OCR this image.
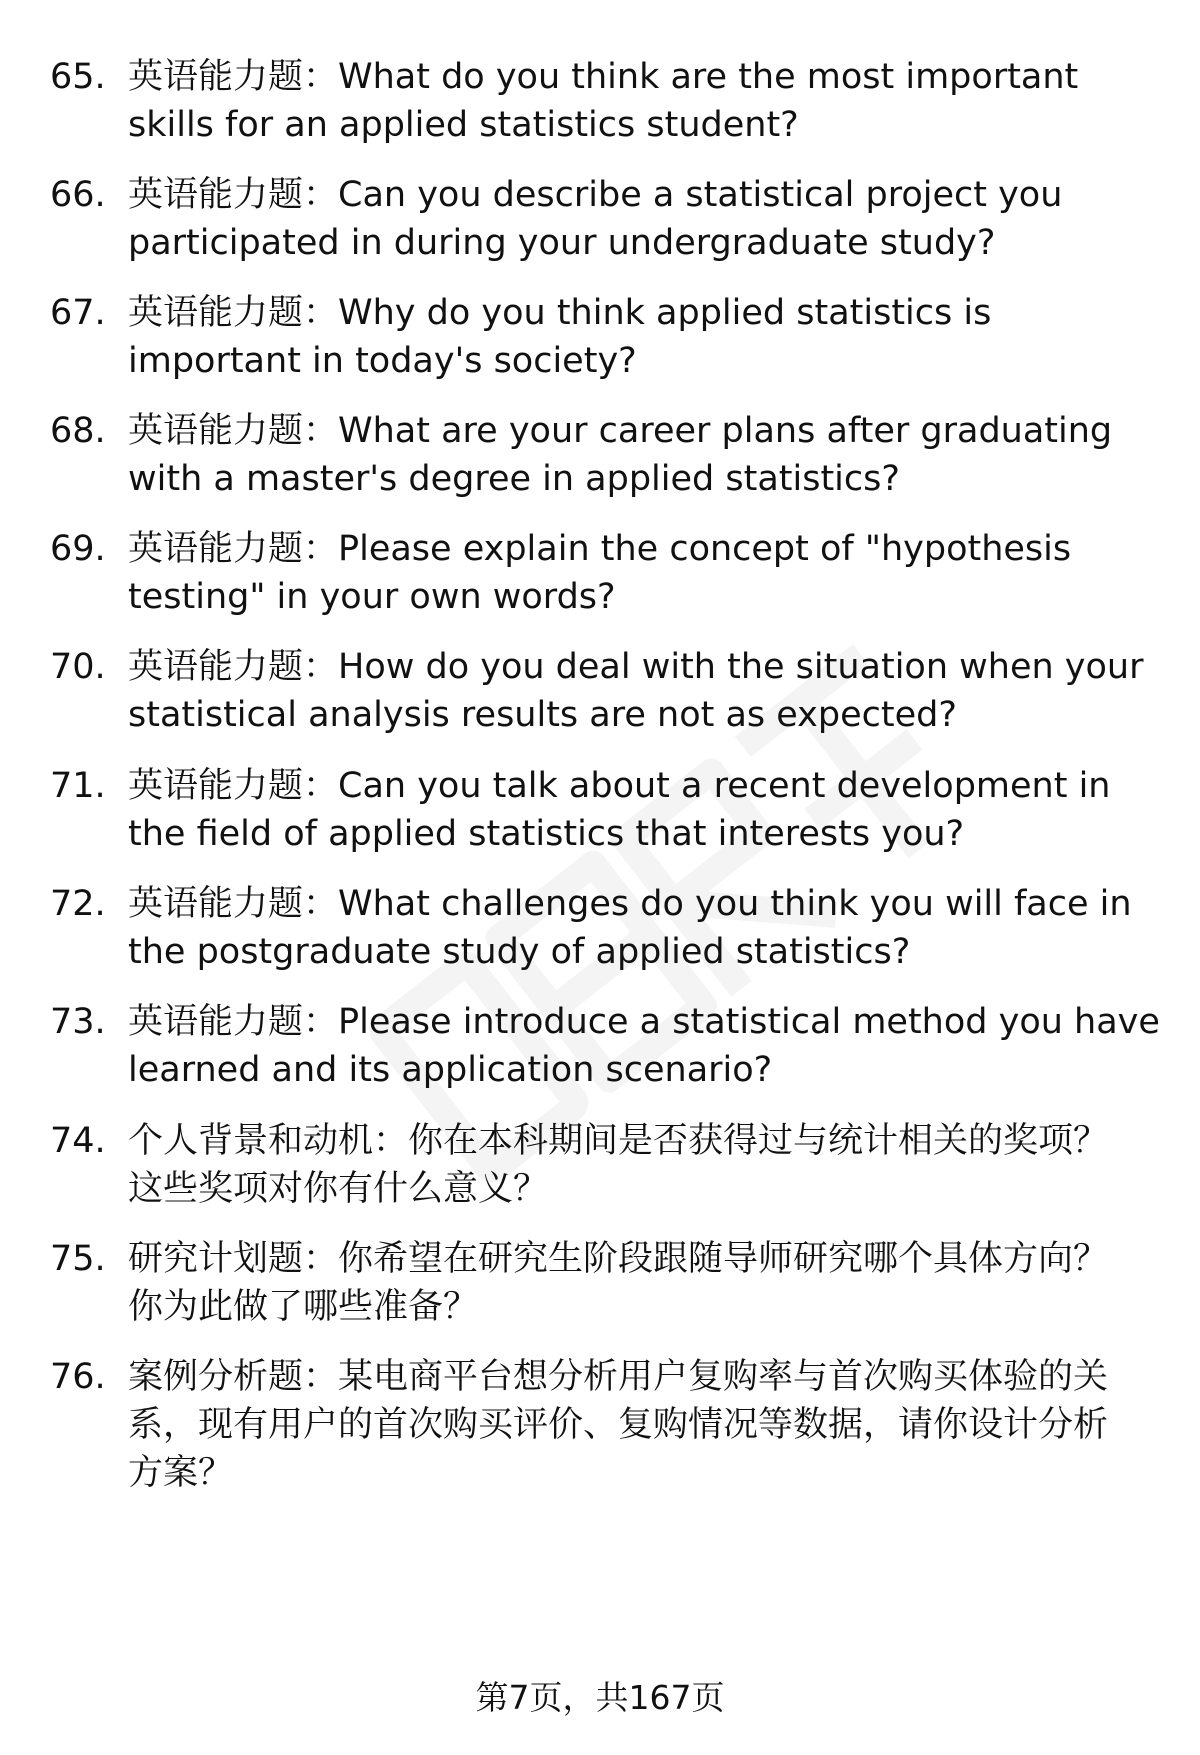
65. 英语能力题：What do you think are the most important
skills for an applied statistics student?
66. 英语能力题：Can you describe a statistical project you
participated in during your undergraduate study?
67. 英语能力题：Why do you think applied statistics is
important in today's society?
68. 英语能力题：What are your career plans after graduating
with a master's degree in applied statistics?
69. 英语能力题：Please explain the concept of "hypothesis
testing" in your own words?
70. 英语能力题：How do you deal with the situation when your
statistical analysis results are not as expected?
71. 英语能力题：Can you talk about a recent development in
the field of applied statistics that interests you?
72. 英语能力题：What challenges do you think you will face in
the postgraduate study of applied statistics?
73. 英语能力题：Please introduce a statistical method you have
learned and its application scenario?
74. 个人背景和动机：你在本科期间是否获得过与统计相关的奖项？
这些奖项对你有什么意义？
75. 研究计划题：你希望在研究生阶段跟随导师研究哪个具体方向？
你为此做了哪些准备？
76. 案例分析题：某电商平台想分析用户复购率与首次购买体验的关
系，现有用户的首次购买评价、复购情况等数据，请你设计分析
方案？
第7页，共167页
